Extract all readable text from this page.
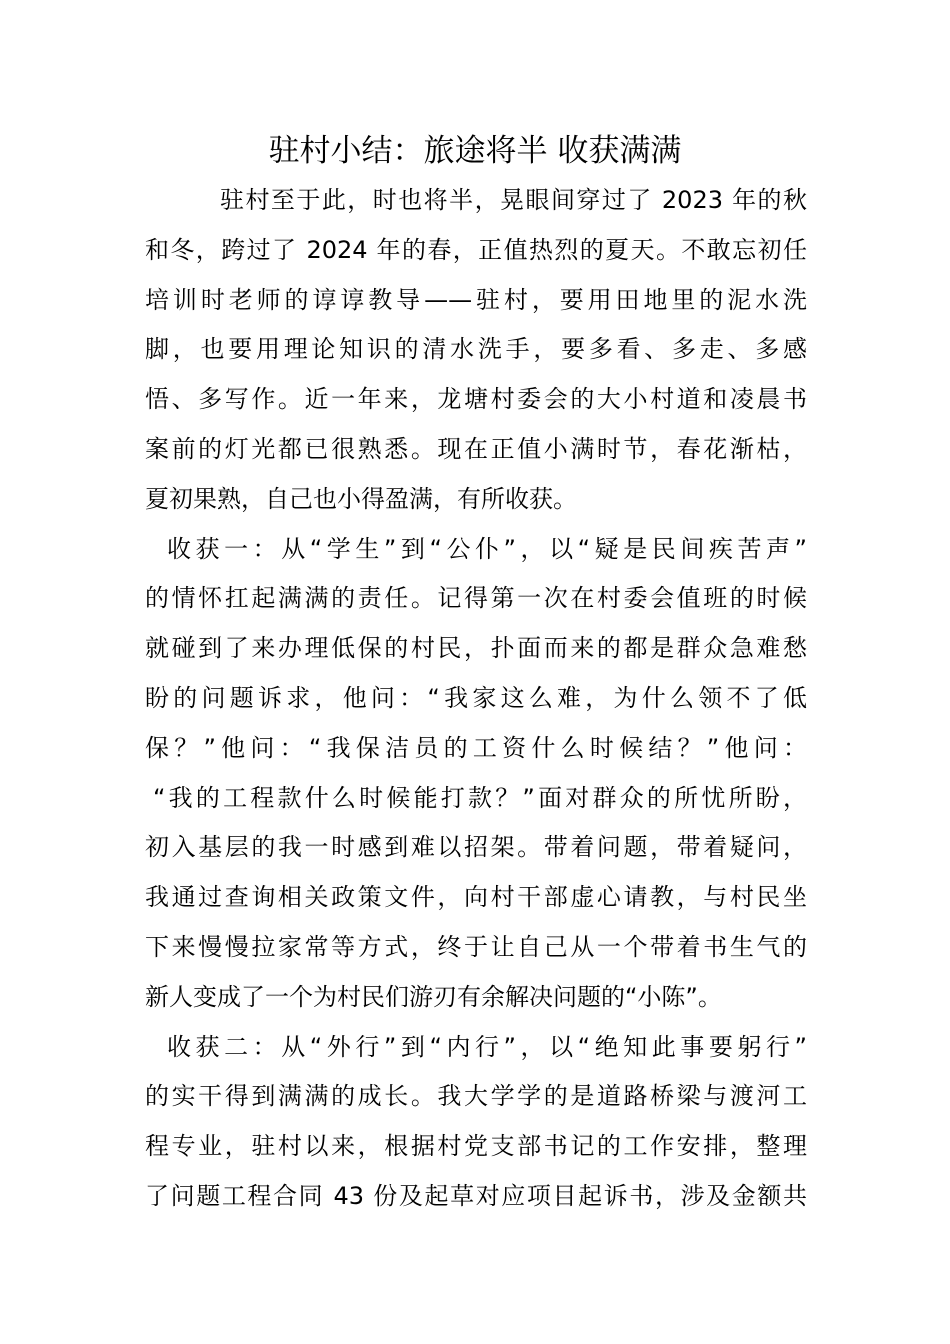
驻村小结：旅途将半 收获满满
驻村至于此，时也将半，晃眼间穿过了 2023 年的秋
和冬，跨过了 2024 年的春，正值热烈的夏天。不敢忘初任
培训时老师的谆谆教导——驻村，要用田地里的泥水洗
脚，也要用理论知识的清水洗手，要多看、多走、多感
悟、多写作。近一年来，龙塘村委会的大小村道和凌晨书
案前的灯光都已很熟悉。现在正值小满时节，春花渐枯，
夏初果熟，自己也小得盈满，有所收获。
收获一：从“学生”到“公仆”，以“疑是民间疾苦声”
的情怀扛起满满的责任。记得第一次在村委会值班的时候
就碰到了来办理低保的村民，扑面而来的都是群众急难愁
盼的问题诉求，他问：“我家这么难，为什么领不了低
保？”他问：“我保洁员的工资什么时候结？”他问：
“我的工程款什么时候能打款？”面对群众的所忧所盼，
初入基层的我一时感到难以招架。带着问题，带着疑问，
我通过查询相关政策文件，向村干部虚心请教，与村民坐
下来慢慢拉家常等方式，终于让自己从一个带着书生气的
新人变成了一个为村民们游刃有余解决问题的“小陈”。
收获二：从“外行”到“内行”，以“绝知此事要躬行”
的实干得到满满的成长。我大学学的是道路桥梁与渡河工
程专业，驻村以来，根据村党支部书记的工作安排，整理
了问题工程合同 43 份及起草对应项目起诉书，涉及金额共
